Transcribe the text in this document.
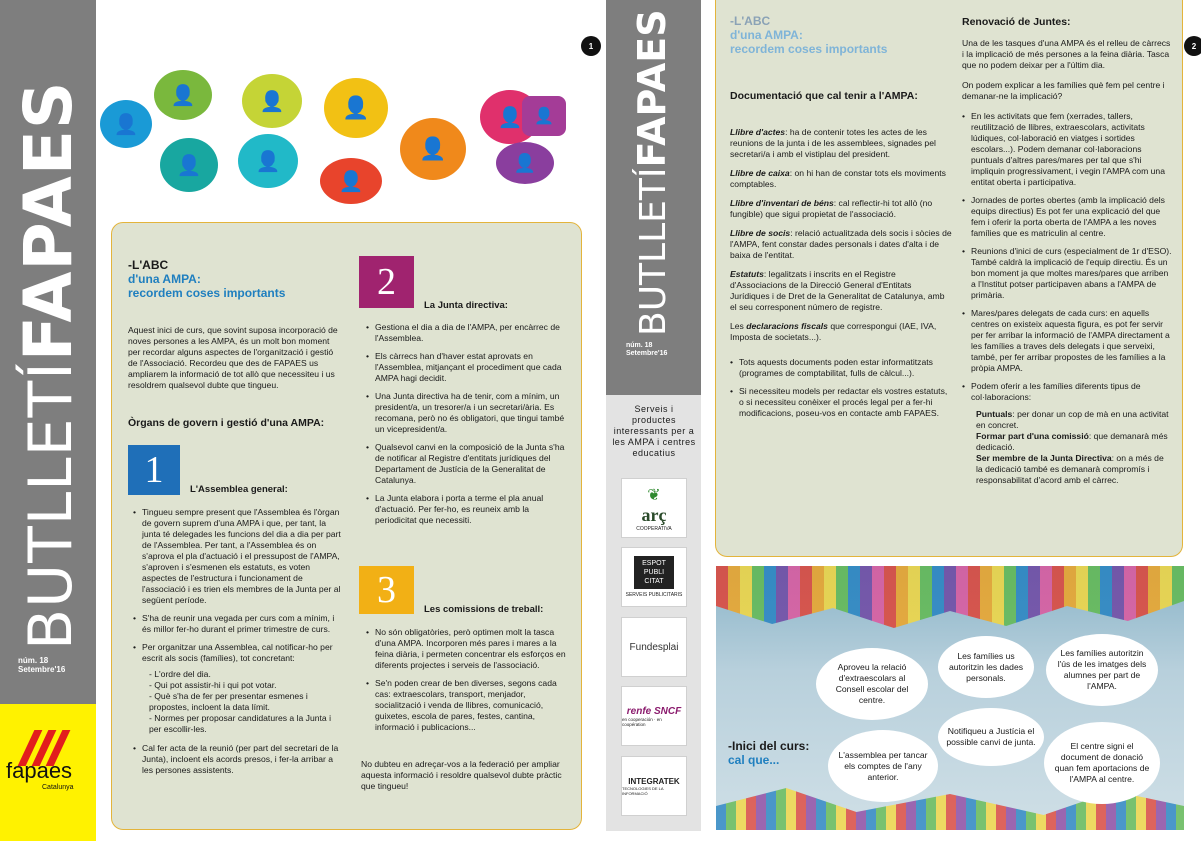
BUTLLETÍFAPAES
núm. 18
Setembre'16
fapaes
Catalunya
1
👤
👤	👤
👤	👤
👤
👤
👤
👤
👤
👤
-L'ABC
d'una AMPA:
recordem coses importants

Aquest inici de curs, que sovint suposa incorporació de noves persones a les AMPA, és un molt bon moment per recordar alguns aspectes de l'organització i gestió de l'Associació. Recordeu que des de FAPAES us ampliarem la informació de tot allò que necessiteu i us resoldrem qualsevol dubte que tingueu.

Òrgans de govern i gestió d'una AMPA:
1	L'Assemblea general:
• Tingueu sempre present que l'Assemblea és l'òrgan de govern suprem d'una AMPA i que, per tant, la junta té delegades les funcions del dia a dia per part de l'Assemblea. Per tant, a l'Assemblea és on s'aprova el pla d'actuació i el pressupost de l'AMPA, s'aproven i s'esmenen els estatuts, es voten aspectes de l'estructura i funcionament de l'associació i es trien els membres de la Junta per al següent període.
• S'ha de reunir una vegada per curs com a mínim, i és millor fer-ho durant el primer trimestre de curs.
• Per organitzar una Assemblea, cal notificar-ho per escrit als socis (famílies), tot concretant:

- L'ordre del dia.

- Qui pot assistir-hi i qui pot votar.

- Què s'ha de fer per presentar esmenes i propostes, incloent la data límit.

- Normes per proposar candidatures a la Junta i per escollir-les.

• Cal fer acta de la reunió (per part del secretari de la Junta), incloent els acords presos, i fer-la arribar a les persones assistents.
2
La Junta directiva:
• Gestiona el dia a dia de l'AMPA, per encàrrec de l'Assemblea.
• Els càrrecs han d'haver estat aprovats en l'Assemblea, mitjançant el procediment que cada AMPA hagi decidit.
• Una Junta directiva ha de tenir, com a mínim, un president/a, un tresorer/a i un secretari/ària. Es recomana, però no és obligatori, que tingui també un vicepresident/a.
• Qualsevol canvi en la composició de la Junta s'ha de notificar al Registre d'entitats jurídiques del Departament de Justícia de la Generalitat de Catalunya.
• La Junta elabora i porta a terme el pla anual d'actuació. Per fer-ho, es reuneix amb la periodicitat que necessiti.
3	Les comissions de treball:
• No són obligatòries, però optimen molt la tasca d'una AMPA. Incorporen més pares i mares a la feina diària, i permeten concentrar els esforços en diferents projectes i serveis de l'associació.
• Se'n poden crear de ben diverses, segons cada cas: extraescolars, transport, menjador, socialització i venda de llibres, comunicació, guixetes, escola de pares, festes, cantina, informació i publicacions...

No dubteu en adreçar-vos a la federació per ampliar aquesta informació i resoldre qualsevol dubte pràctic que tingueu!

BUTLLETÍFAPAES
núm. 18
Setembre'16
Serveis i productes interessants per a les AMPA i centres educatius
❦
arç
COOPERATIVA
ESPOT PUBLI CITAT
SERVEIS PUBLICITARIS
Fundesplai
renfe SNCF
en cooperación · en coopération
INTEGRATEK
TECNOLOGIES DE LA INFORMACIÓ
2
-L'ABC
d'una AMPA:
recordem coses importants
Documentació que cal tenir a l'AMPA:

Llibre d'actes: ha de contenir totes les actes de les reunions de la junta i de les assemblees, signades pel secretari/a i amb el vistiplau del president.

Llibre de caixa: on hi han de constar tots els moviments comptables.

Llibre d'inventari de béns: cal reflectir-hi tot allò (no fungible) que sigui propietat de l'associació.

Llibre de socis: relació actualitzada dels socis i sòcies de l'AMPA, fent constar dades personals i dates d'alta i de baixa de l'entitat.

Estatuts: legalitzats i inscrits en el Registre d'Associacions de la Direcció General d'Entitats Jurídiques i de Dret de la Generalitat de Catalunya, amb el seu corresponent número de registre.

Les declaracions fiscals que correspongui (IAE, IVA, Imposta de societats...).

• Tots aquests documents poden estar informatitzats (programes de comptabilitat, fulls de càlcul...).
• Si necessiteu models per redactar els vostres estatuts, o si necessiteu conèixer el procés legal per a fer-hi modificacions, poseu-vos en contacte amb FAPAES.
Renovació de Juntes:

Una de les tasques d'una AMPA és el relleu de càrrecs i la implicació de més persones a la feina diària. Tasca que no podem deixar per a l'últim dia.

On podem explicar a les famílies què fem pel centre i demanar-ne la implicació?

• En les activitats que fem (xerrades, tallers, reutilització de llibres, extraescolars, activitats lúdiques, col·laboració en viatges i sortides escolars...). Podem demanar col·laboracions puntuals d'altres pares/mares per tal que s'hi impliquin progressivament, i vegin l'AMPA com una entitat oberta i participativa.
• Jornades de portes obertes (amb la implicació dels equips directius) Es pot fer una explicació del que fem i oferir la porta oberta de l'AMPA a les noves famílies que es matriculin al centre.
• Reunions d'inici de curs (especialment de 1r d'ESO). També caldrà la implicació de l'equip directiu. És un bon moment ja que moltes mares/pares que arriben a l'Institut potser participaven abans a l'AMPA de primària.
• Mares/pares delegats de cada curs: en aquells centres on existeix aquesta figura, es pot fer servir per fer arribar la informació de l'AMPA directament a les famílies a traves dels delegats i que serveixi, també, per fer arribar propostes de les famílies a la pròpia AMPA.
• Podem oferir a les famílies diferents tipus de col·laboracions:

Puntuals: per donar un cop de mà en una activitat en concret.

Formar part d'una comissió: que demanarà més dedicació.

Ser membre de la Junta Directiva: on a més de la dedicació també es demanarà compromís i responsabilitat d'acord amb el càrrec.

Aproveu la relació d'extraescolars al Consell escolar del centre.
Les famílies us autoritzin les dades personals.
Les famílies autoritzin l'ús de les imatges dels alumnes per part de l'AMPA.
Notifiqueu a Justícia el possible canvi de junta.
L'assemblea per tancar els comptes de l'any anterior.
El centre signi el document de donació quan fem aportacions de l'AMPA al centre.
-Inici del curs:
cal que...
